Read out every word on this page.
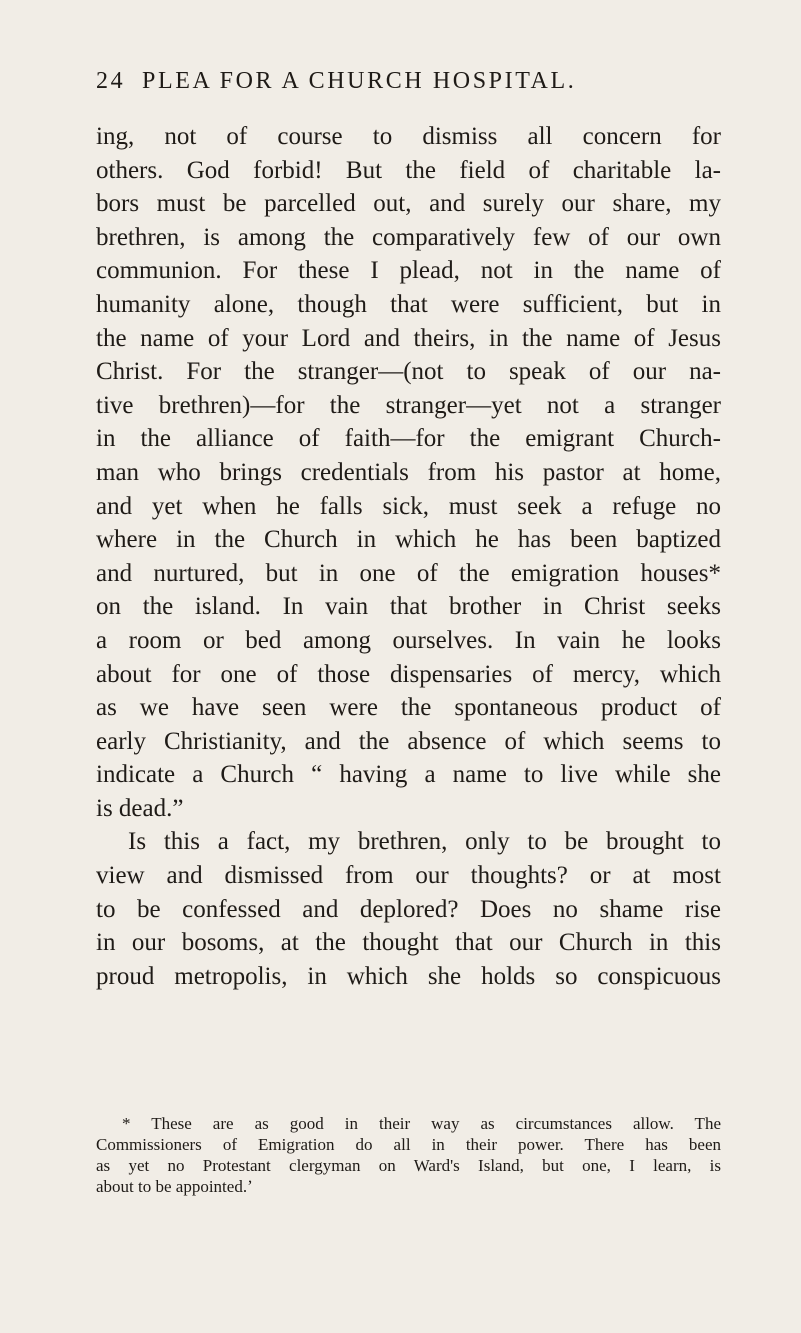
24 PLEA FOR A CHURCH HOSPITAL.
ing, not of course to dismiss all concern for
others. God forbid! But the field of charitable la-
bors must be parcelled out, and surely our share, my
brethren, is among the comparatively few of our own
communion. For these I plead, not in the name of
humanity alone, though that were sufficient, but in
the name of your Lord and theirs, in the name of Jesus
Christ. For the stranger—(not to speak of our na-
tive brethren)—for the stranger—yet not a stranger
in the alliance of faith—for the emigrant Church-
man who brings credentials from his pastor at home,
and yet when he falls sick, must seek a refuge no
where in the Church in which he has been baptized
and nurtured, but in one of the emigration houses*
on the island. In vain that brother in Christ seeks
a room or bed among ourselves. In vain he looks
about for one of those dispensaries of mercy, which
as we have seen were the spontaneous product of
early Christianity, and the absence of which seems to
indicate a Church “ having a name to live while she
is dead.”
Is this a fact, my brethren, only to be brought to
view and dismissed from our thoughts? or at most
to be confessed and deplored? Does no shame rise
in our bosoms, at the thought that our Church in this
proud metropolis, in which she holds so conspicuous
* These are as good in their way as circumstances allow. The
Commissioners of Emigration do all in their power. There has been
as yet no Protestant clergyman on Ward's Island, but one, I learn, is
about to be appointed.ʼ
